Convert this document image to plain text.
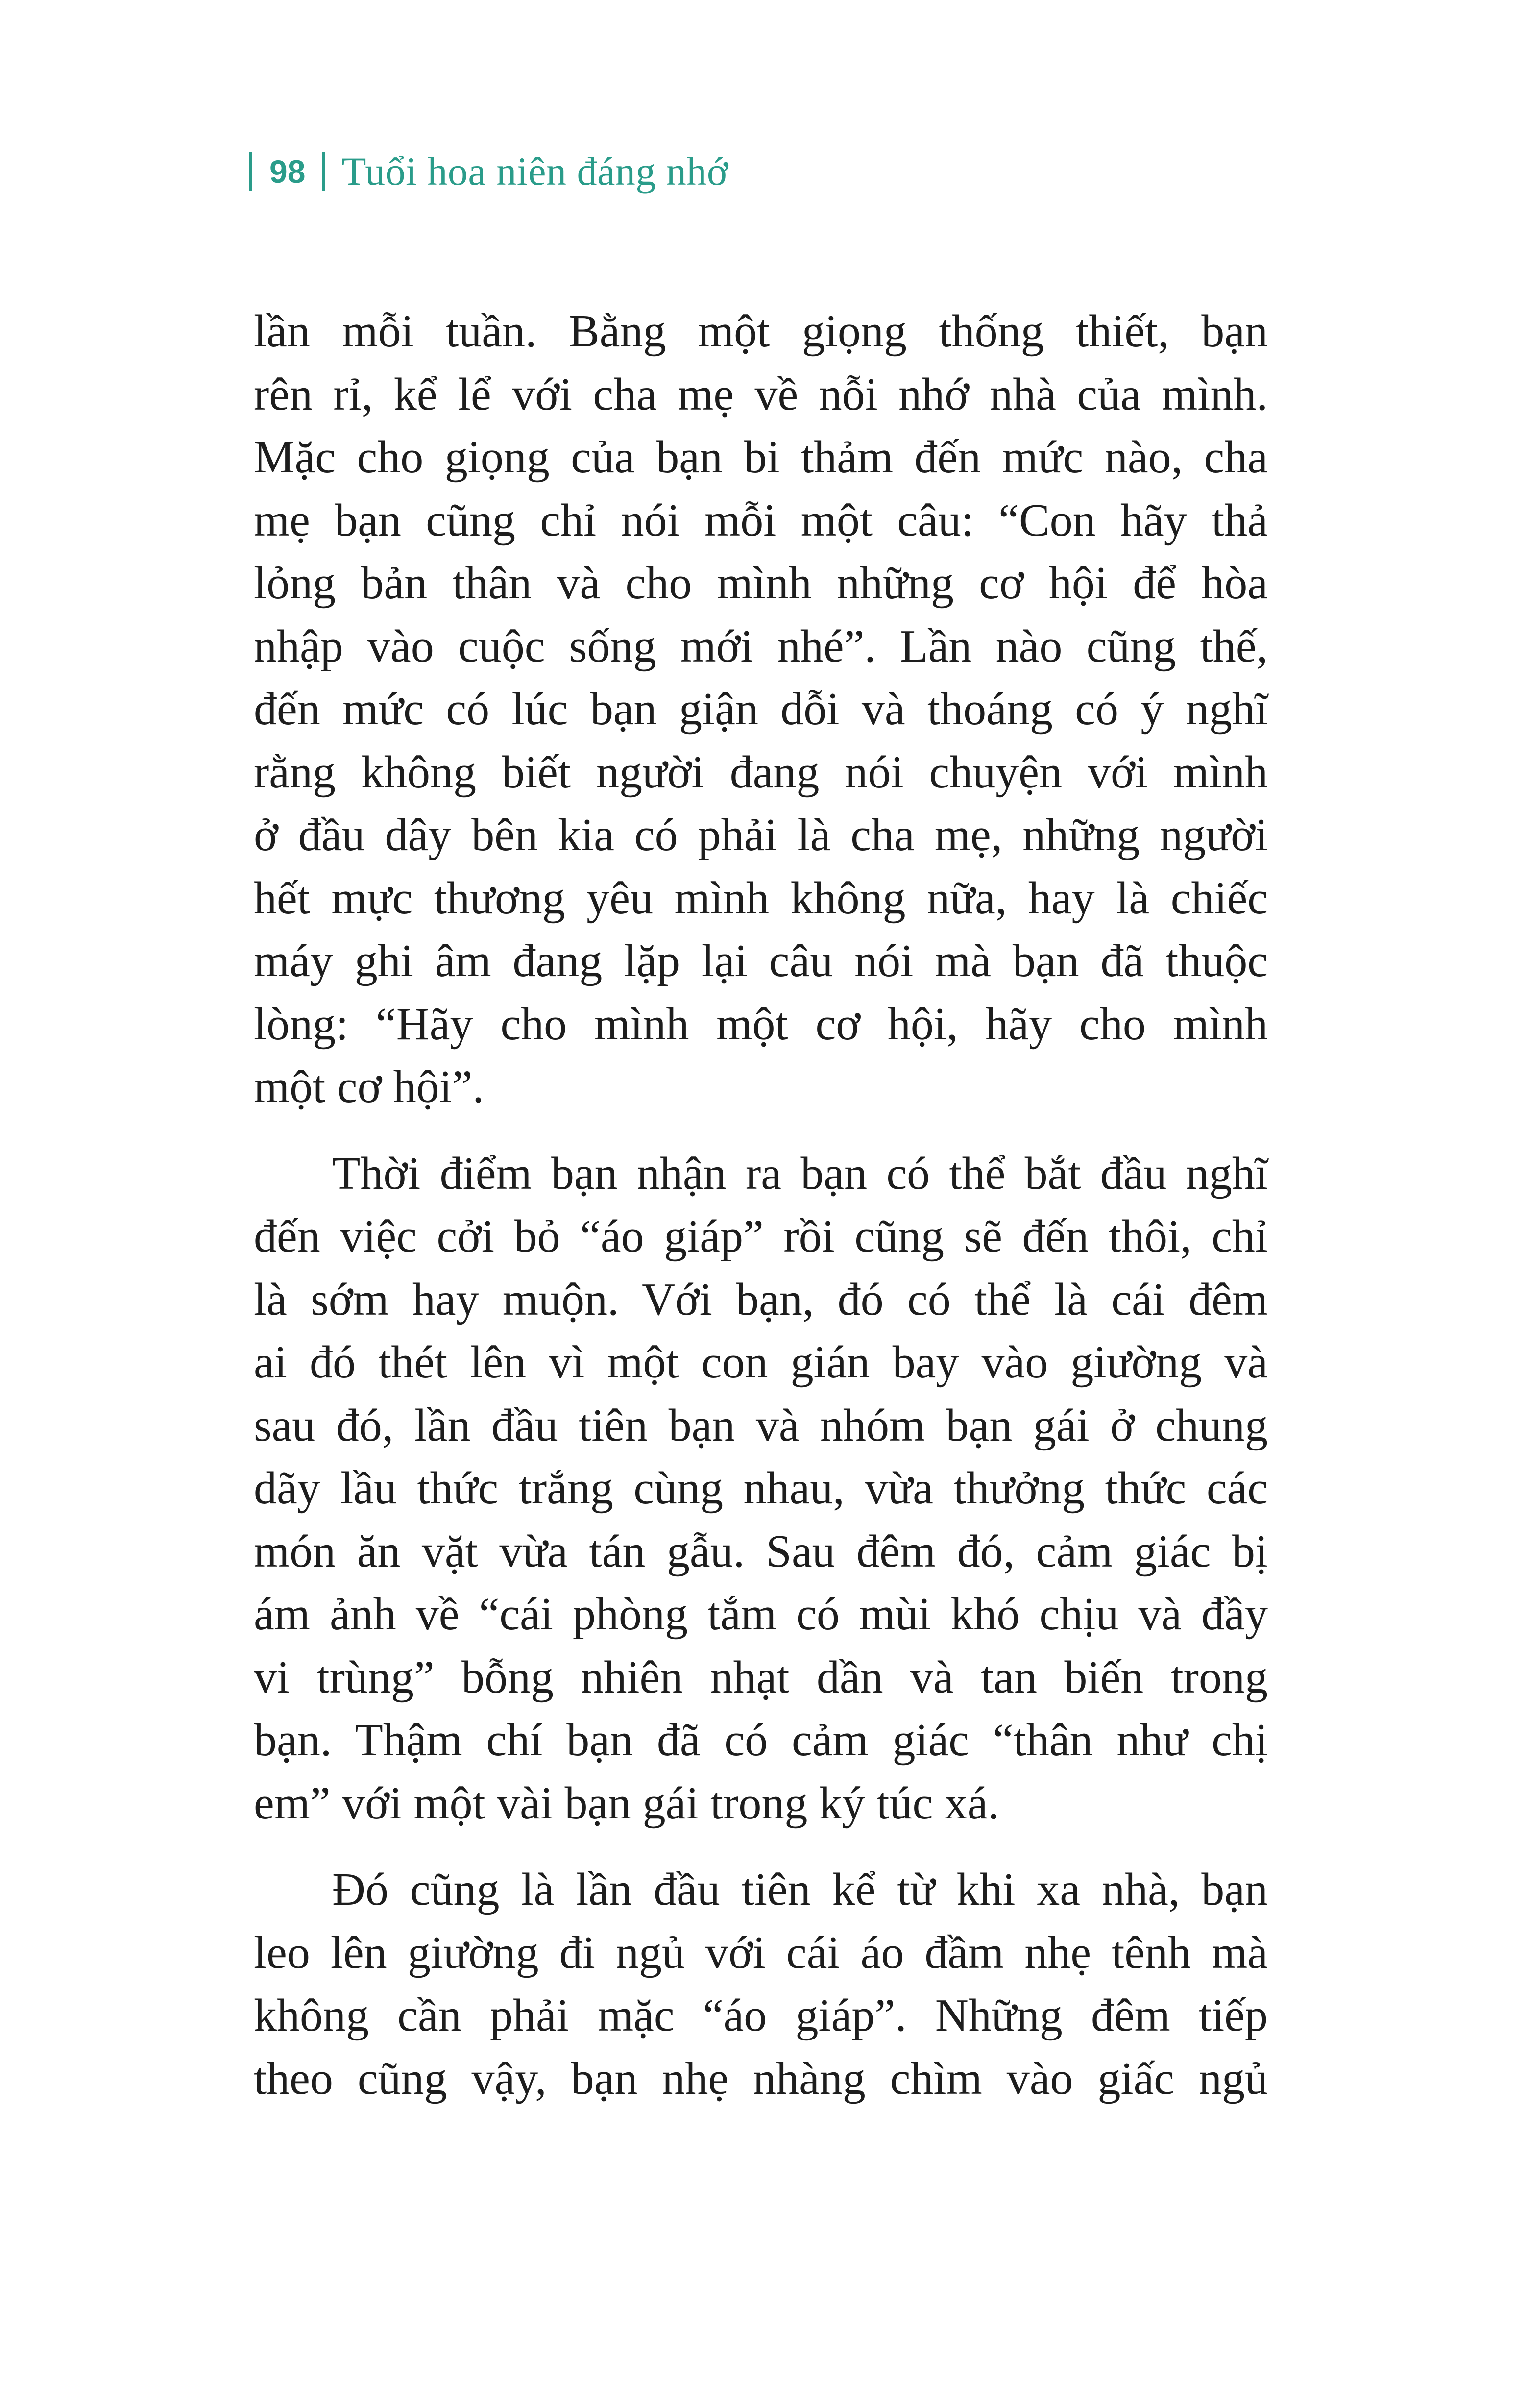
98 Tuổi hoa niên đáng nhớ
lần mỗi tuần. Bằng một giọng thống thiết, bạn
rên rỉ, kể lể với cha mẹ về nỗi nhớ nhà của mình.
Mặc cho giọng của bạn bi thảm đến mức nào, cha
mẹ bạn cũng chỉ nói mỗi một câu: “Con hãy thả
lỏng bản thân và cho mình những cơ hội để hòa
nhập vào cuộc sống mới nhé”. Lần nào cũng thế,
đến mức có lúc bạn giận dỗi và thoáng có ý nghĩ
rằng không biết người đang nói chuyện với mình
ở đầu dây bên kia có phải là cha mẹ, những người
hết mực thương yêu mình không nữa, hay là chiếc
máy ghi âm đang lặp lại câu nói mà bạn đã thuộc
lòng: “Hãy cho mình một cơ hội, hãy cho mình
một cơ hội”.
Thời điểm bạn nhận ra bạn có thể bắt đầu nghĩ
đến việc cởi bỏ “áo giáp” rồi cũng sẽ đến thôi, chỉ
là sớm hay muộn. Với bạn, đó có thể là cái đêm
ai đó thét lên vì một con gián bay vào giường và
sau đó, lần đầu tiên bạn và nhóm bạn gái ở chung
dãy lầu thức trắng cùng nhau, vừa thưởng thức các
món ăn vặt vừa tán gẫu. Sau đêm đó, cảm giác bị
ám ảnh về “cái phòng tắm có mùi khó chịu và đầy
vi trùng” bỗng nhiên nhạt dần và tan biến trong
bạn. Thậm chí bạn đã có cảm giác “thân như chị
em” với một vài bạn gái trong ký túc xá.
Đó cũng là lần đầu tiên kể từ khi xa nhà, bạn
leo lên giường đi ngủ với cái áo đầm nhẹ tênh mà
không cần phải mặc “áo giáp”. Những đêm tiếp
theo cũng vậy, bạn nhẹ nhàng chìm vào giấc ngủ
